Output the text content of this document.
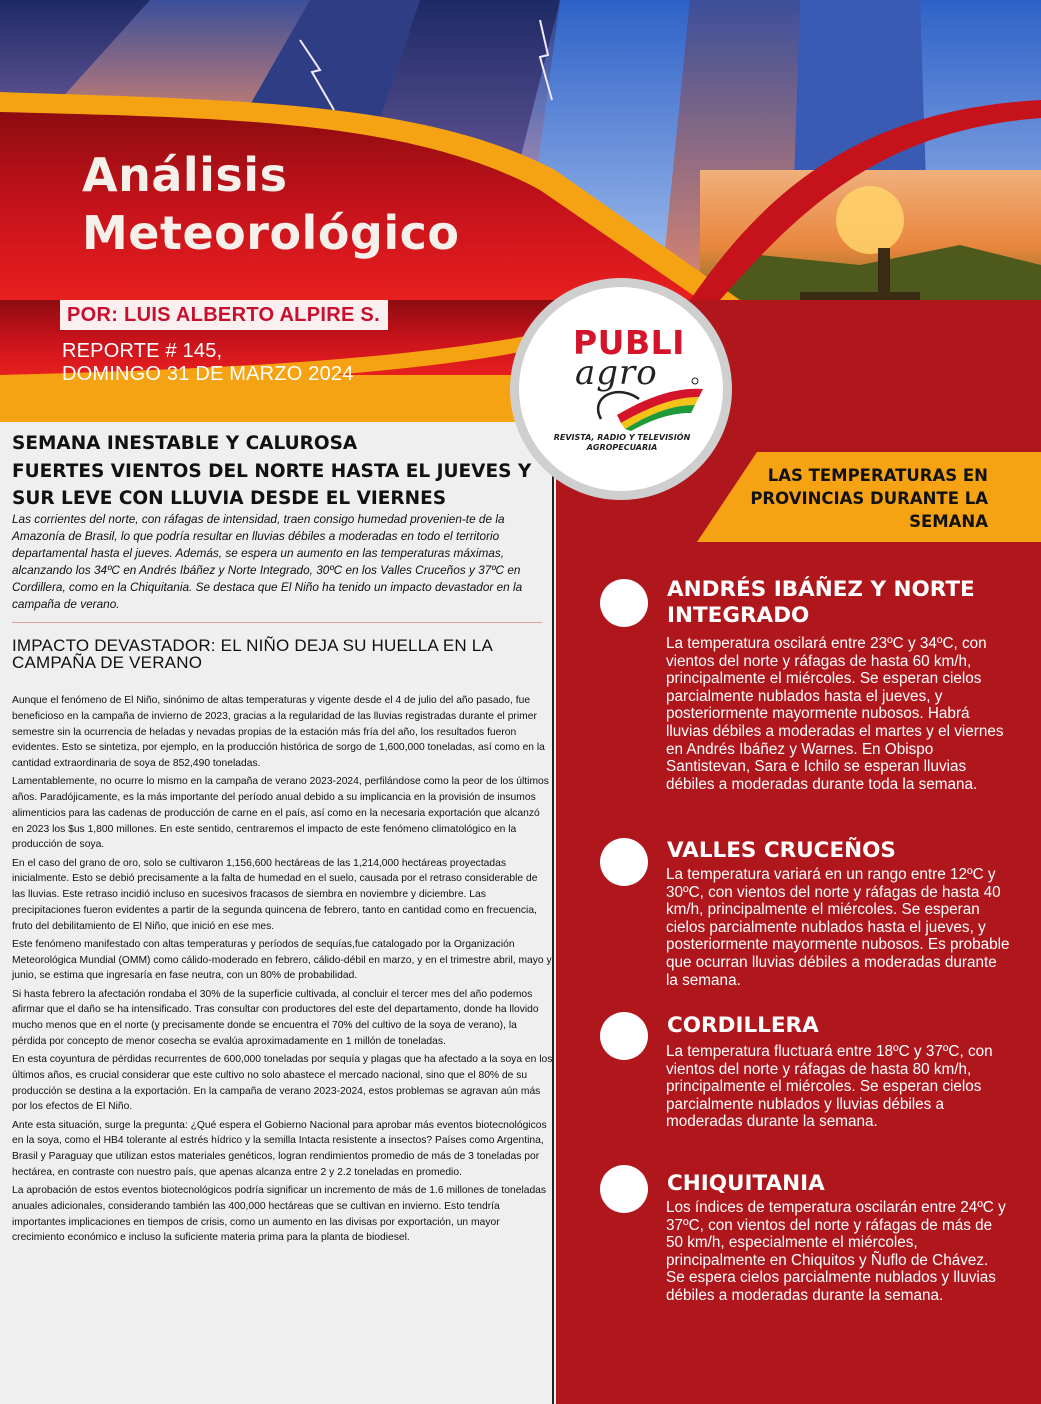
Análisis
Meteorológico
POR: LUIS ALBERTO ALPIRE S.
REPORTE # 145,
DOMINGO 31 DE MARZO 2024
PUBLI
agro
REVISTA, RADIO Y TELEVISIÓN AGROPECUARIA
SEMANA INESTABLE Y CALUROSA
FUERTES VIENTOS DEL NORTE HASTA EL JUEVES Y
SUR LEVE CON LLUVIA DESDE EL VIERNES
Las corrientes del norte, con ráfagas de intensidad, traen consigo humedad provenien-te de la Amazonía de Brasil, lo que podría resultar en lluvias débiles a moderadas en todo el territorio departamental hasta el jueves. Además, se espera un aumento en las temperaturas máximas, alcanzando los 34ºC en Andrés Ibáñez y Norte Integrado, 30ºC en los Valles Cruceños y 37ºC en Cordillera, como en la Chiquitania. Se destaca que El Niño ha tenido un impacto devastador en la campaña de verano.
IMPACTO DEVASTADOR: EL NIÑO DEJA SU HUELLA EN LA CAMPAÑA DE VERANO

Aunque el fenómeno de El Niño, sinónimo de altas temperaturas y vigente desde el 4 de julio del año pasado, fue beneficioso en la campaña de invierno de 2023, gracias a la regularidad de las lluvias registradas durante el primer semestre sin la ocurrencia de heladas y nevadas propias de la estación más fría del año, los resultados fueron evidentes. Esto se sintetiza, por ejemplo, en la producción histórica de sorgo de 1,600,000 toneladas, así como en la cantidad extraordinaria de soya de 852,490 toneladas.

Lamentablemente, no ocurre lo mismo en la campaña de verano 2023-2024, perfilándose como la peor de los últimos años. Paradójicamente, es la más importante del período anual debido a su implicancia en la provisión de insumos alimenticios para las cadenas de producción de carne en el país, así como en la necesaria exportación que alcanzó en 2023 los $us 1,800 millones. En este sentido, centraremos el impacto de este fenómeno climatológico en la producción de soya.

En el caso del grano de oro, solo se cultivaron 1,156,600 hectáreas de las 1,214,000 hectáreas proyectadas inicialmente. Esto se debió precisamente a la falta de humedad en el suelo, causada por el retraso considerable de las lluvias. Este retraso incidió incluso en sucesivos fracasos de siembra en noviembre y diciembre. Las precipitaciones fueron evidentes a partir de la segunda quincena de febrero, tanto en cantidad como en frecuencia, fruto del debilitamiento de El Niño, que inició en ese mes.

Este fenómeno manifestado con altas temperaturas y períodos de sequías,fue catalogado por la Organización Meteorológica Mundial (OMM) como cálido-moderado en febrero, cálido-débil en marzo, y en el trimestre abril, mayo y junio, se estima que ingresaría en fase neutra, con un 80% de probabilidad.

Si hasta febrero la afectación rondaba el 30% de la superficie cultivada, al concluir el tercer mes del año podemos afirmar que el daño se ha intensificado. Tras consultar con productores del este del departamento, donde ha llovido mucho menos que en el norte (y precisamente donde se encuentra el 70% del cultivo de la soya de verano), la pérdida por concepto de menor cosecha se evalúa aproximadamente en 1 millón de toneladas.

En esta coyuntura de pérdidas recurrentes de 600,000 toneladas por sequía y plagas que ha afectado a la soya en los últimos años, es crucial considerar que este cultivo no solo abastece el mercado nacional, sino que el 80% de su producción se destina a la exportación. En la campaña de verano 2023-2024, estos problemas se agravan aún más por los efectos de El Niño.

Ante esta situación, surge la pregunta: ¿Qué espera el Gobierno Nacional para aprobar más eventos biotecnológicos en la soya, como el HB4 tolerante al estrés hídrico y la semilla Intacta resistente a insectos? Países como Argentina, Brasil y Paraguay que utilizan estos materiales genéticos, logran rendimientos promedio de más de 3 toneladas por hectárea, en contraste con nuestro país, que apenas alcanza entre 2 y 2.2 toneladas en promedio.

La aprobación de estos eventos biotecnológicos podría significar un incremento de más de 1.6 millones de toneladas anuales adicionales, considerando también las 400,000 hectáreas que se cultivan en invierno. Esto tendría importantes implicaciones en tiempos de crisis, como un aumento en las divisas por exportación, un mayor crecimiento económico e incluso la suficiente materia prima para la planta de biodiesel.

LAS TEMPERATURAS EN PROVINCIAS DURANTE LA SEMANA
ANDRÉS IBÁÑEZ Y NORTE INTEGRADO

La temperatura oscilará entre 23ºC y 34ºC, con vientos del norte y ráfagas de hasta 60 km/h, principalmente el miércoles. Se esperan cielos parcialmente nublados hasta el jueves, y posteriormente mayormente nubosos. Habrá lluvias débiles a moderadas el martes y el viernes en Andrés Ibáñez y Warnes. En Obispo Santistevan, Sara e Ichilo se esperan lluvias débiles a moderadas durante toda la semana.

VALLES CRUCEÑOS

La temperatura variará en un rango entre 12ºC y 30ºC, con vientos del norte y ráfagas de hasta 40 km/h, principalmente el miércoles. Se esperan cielos parcialmente nublados hasta el jueves, y posteriormente mayormente nubosos. Es probable que ocurran lluvias débiles a moderadas durante la semana.

CORDILLERA

La temperatura fluctuará entre 18ºC y 37ºC, con vientos del norte y ráfagas de hasta 80 km/h, principalmente el miércoles. Se esperan cielos parcialmente nublados y lluvias débiles a moderadas durante la semana.

CHIQUITANIA

Los índices de temperatura oscilarán entre 24ºC y 37ºC, con vientos del norte y ráfagas de más de 50 km/h, especialmente el miércoles, principalmente en Chiquitos y Ñuflo de Chávez. Se espera cielos parcialmente nublados y lluvias débiles a moderadas durante la semana.
